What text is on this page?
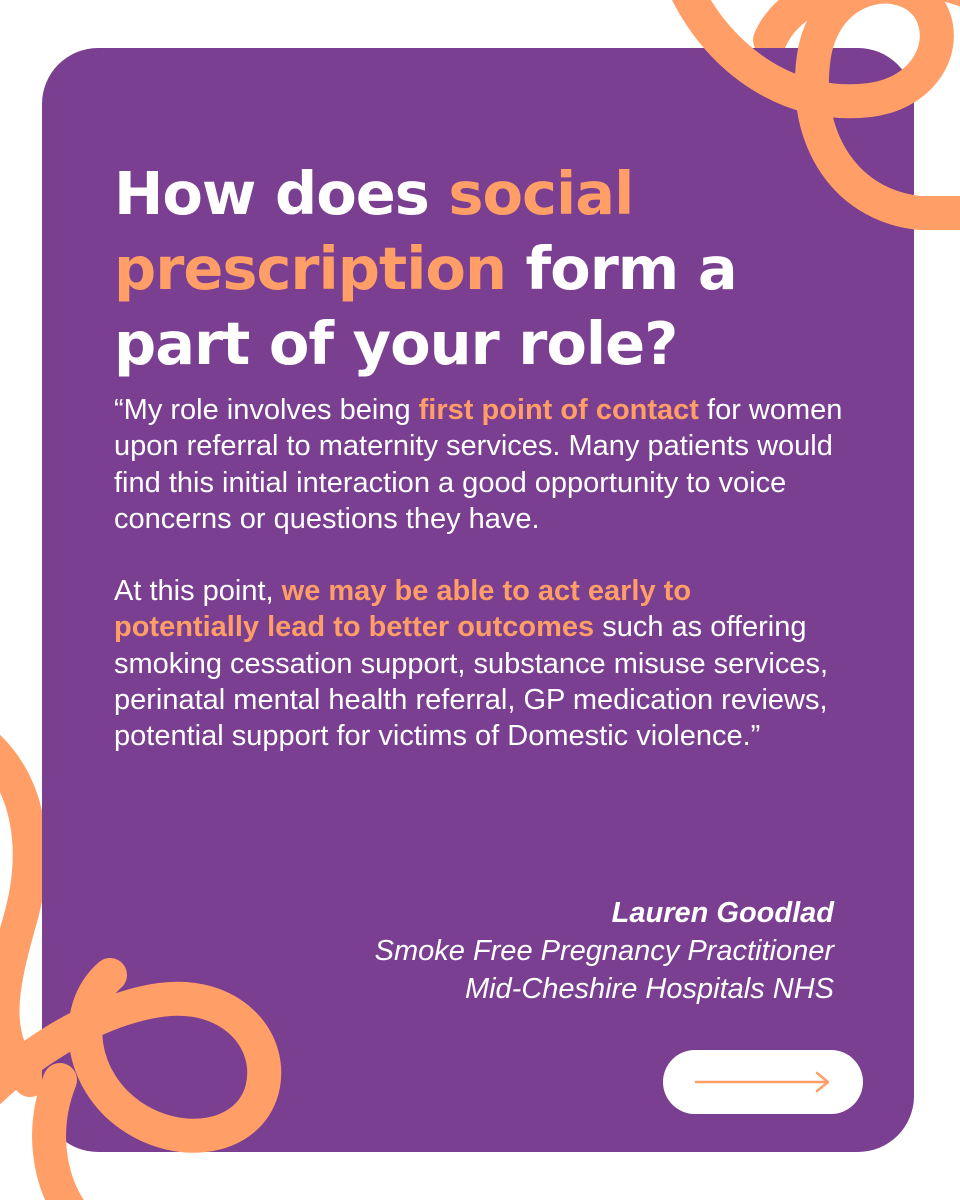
How does social prescription form a part of your role?

“My role involves being first point of contact for women upon referral to maternity services. Many patients would find this initial interaction a good opportunity to voice concerns or questions they have.

At this point, we may be able to act early to potentially lead to better outcomes such as offering smoking cessation support, substance misuse services, perinatal mental health referral, GP medication reviews, potential support for victims of Domestic violence.”

Lauren Goodlad
Smoke Free Pregnancy Practitioner
Mid-Cheshire Hospitals NHS
